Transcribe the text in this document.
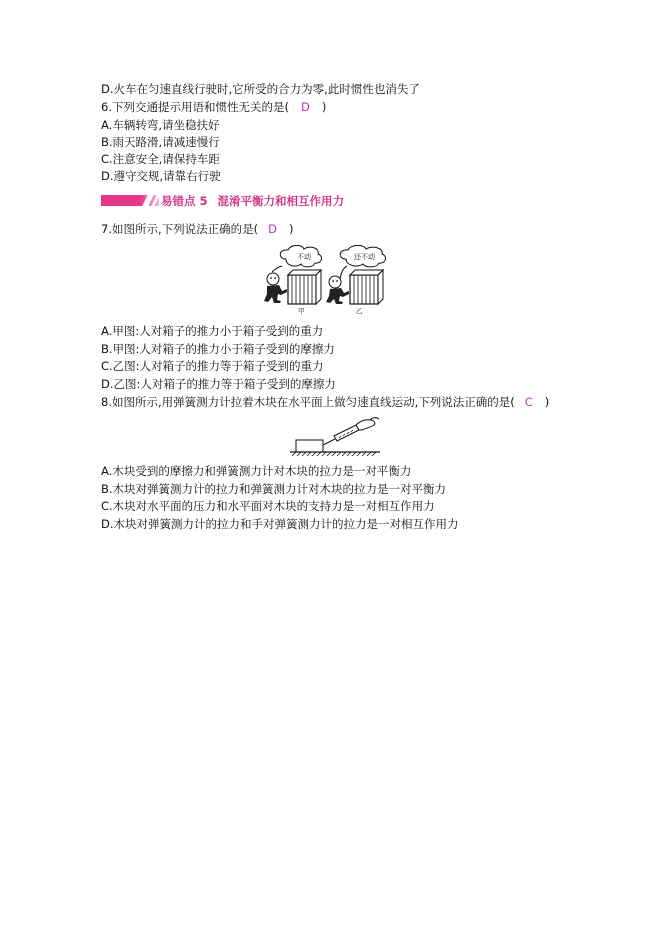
D.火车在匀速直线行驶时,它所受的合力为零,此时惯性也消失了
6.下列交通提示用语和惯性无关的是( D )
A.车辆转弯,请坐稳扶好
B.雨天路滑,请减速慢行
C.注意安全,请保持车距
D.遵守交规,请靠右行驶
易错点 5 混淆平衡力和相互作用力
7.如图所示,下列说法正确的是( D )
不动	还不动
甲	乙
A.甲图:人对箱子的推力小于箱子受到的重力
B.甲图:人对箱子的推力小于箱子受到的摩擦力
C.乙图:人对箱子的推力等于箱子受到的重力
D.乙图:人对箱子的推力等于箱子受到的摩擦力
8.如图所示,用弹簧测力计拉着木块在水平面上做匀速直线运动,下列说法正确的是( C )
A.木块受到的摩擦力和弹簧测力计对木块的拉力是一对平衡力
B.木块对弹簧测力计的拉力和弹簧测力计对木块的拉力是一对平衡力
C.木块对水平面的压力和水平面对木块的支持力是一对相互作用力
D.木块对弹簧测力计的拉力和手对弹簧测力计的拉力是一对相互作用力
